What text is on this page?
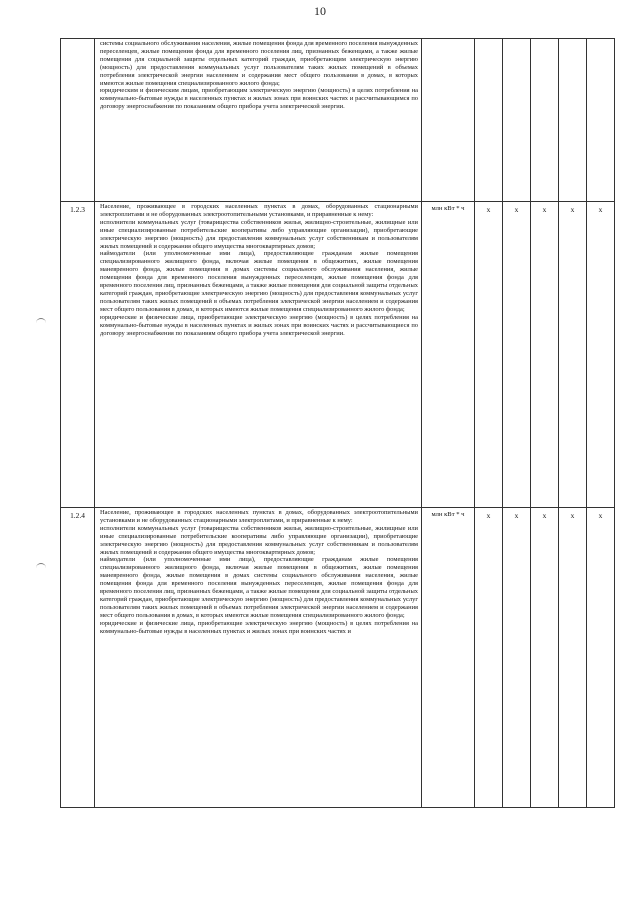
10

	системы социального обслуживания населения, жилые помещения фонда для временного поселения вынужденных переселенцев, жилые помещения фонда для временного поселения лиц, признанных беженцами, а также жилые помещения для социальной защиты отдельных категорий граждан, приобретающим электрическую энергию (мощность) для предоставления коммунальных услуг пользователям таких жилых помещений в объемах потребления электрической энергии населением и содержания мест общего пользования в домах, в которых имеются жилые помещения специализированного жилого фонда;

юридическим и физическим лицам, приобретающим электрическую энергию (мощность) в целях потребления на коммунально-бытовые нужды в населенных пунктах и жилых зонах при воинских частях и рассчитывающимся по договору энергоснабжения по показаниям общего прибора учета электрической энергии.						

1.2.3	Население, проживающее в городских населенных пунктах в домах, оборудованных стационарными электроплитами и не оборудованных электроотопительными установками, и приравненные к нему:

исполнители коммунальных услуг (товарищества собственников жилья, жилищно-строительные, жилищные или иные специализированные потребительские кооперативы либо управляющие организации), приобретающие электрическую энергию (мощность) для предоставления коммунальных услуг собственникам и пользователям жилых помещений и содержания общего имущества многоквартирных домов;

наймодатели (или уполномоченные ими лица), предоставляющие гражданам жилые помещения специализированного жилищного фонда, включая жилые помещения в общежитиях, жилые помещения маневренного фонда, жилые помещения в домах системы социального обслуживания населения, жилые помещения фонда для временного поселения вынужденных переселенцев, жилые помещения фонда для временного поселения лиц, признанных беженцами, а также жилые помещения для социальной защиты отдельных категорий граждан, приобретающие электрическую энергию (мощность) для предоставления коммунальных услуг пользователям таких жилых помещений в объемах потребления электрической энергии населением и содержания мест общего пользования в домах, в которых имеются жилые помещения специализированного жилого фонда;

юридические и физические лица, приобретающие электрическую энергию (мощность) в целях потребления на коммунально-бытовые нужды в населенных пунктах и жилых зонах при воинских частях и рассчитывающиеся по договору энергоснабжения по показаниям общего прибора учета электрической энергии.	млн кВт * ч	x	x	x	x	x
1.2.4	Население, проживающее в городских населенных пунктах в домах, оборудованных электроотопительными установками и не оборудованных стационарными электроплитами, и приравненные к нему:

исполнители коммунальных услуг (товарищества собственников жилья, жилищно-строительные, жилищные или иные специализированные потребительские кооперативы либо управляющие организации), приобретающие электрическую энергию (мощность) для предоставления коммунальных услуг собственникам и пользователям жилых помещений и содержания общего имущества многоквартирных домов;

наймодатели (или уполномоченные ими лица), предоставляющие гражданам жилые помещения специализированного жилищного фонда, включая жилые помещения в общежитиях, жилые помещения маневренного фонда, жилые помещения в домах системы социального обслуживания населения, жилые помещения фонда для временного поселения вынужденных переселенцев, жилые помещения фонда для временного поселения лиц, признанных беженцами, а также жилые помещения для социальной защиты отдельных категорий граждан, приобретающие электрическую энергию (мощность) для предоставления коммунальных услуг пользователям таких жилых помещений в объемах потребления электрической энергии населением и содержания мест общего пользования в домах, в которых имеются жилые помещения специализированного жилого фонда;

юридические и физические лица, приобретающие электрическую энергию (мощность) в целях потребления на коммунально-бытовые нужды в населенных пунктах и жилых зонах при воинских частях и	млн кВт * ч	x	x	x	x	x
